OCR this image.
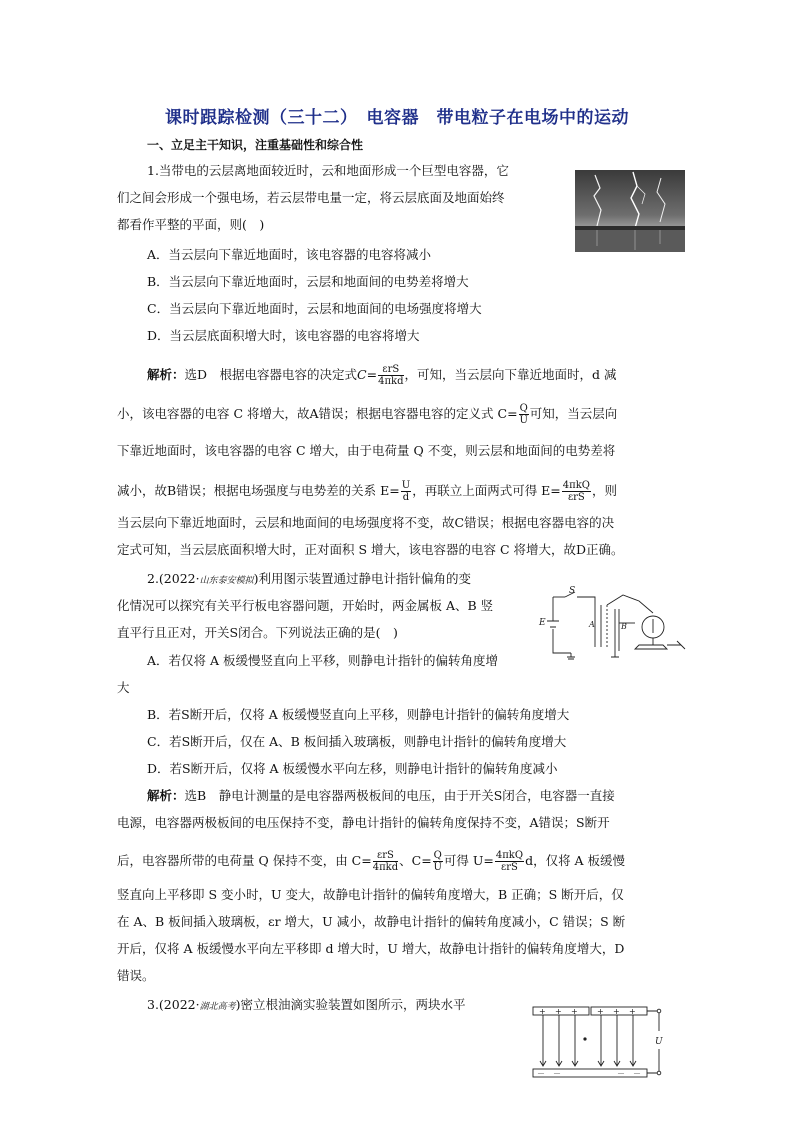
课时跟踪检测（三十二）　电容器　带电粒子在电场中的运动
一、立足主干知识，注重基础性和综合性
1.当带电的云层离地面较近时，云和地面形成一个巨型电容器，它
们之间会形成一个强电场，若云层带电量一定，将云层底面及地面始终
都看作平整的平面，则(　)
A．当云层向下靠近地面时，该电容器的电容将减小
B．当云层向下靠近地面时，云层和地面间的电势差将增大
C．当云层向下靠近地面时，云层和地面间的电场强度将增大
D．当云层底面积增大时，该电容器的电容将增大
解析：选D　根据电容器电容的决定式$C= \frac{\text{εrS}}{\text{4πkd}}$ ，可知，当云层向下靠近地面时，d 减
小，该电容器的电容 C 将增大，故A错误；根据电容器电容的定义式 $C= \frac{Q}{U}$ 可知，当云层向
下靠近地面时，该电容器的电容 C 增大，由于电荷量 Q 不变，则云层和地面间的电势差将
减小，故B错误；根据电场强度与电势差的关系 $E= \frac{U}{d}$ ，再联立上面两式可得 $E= \frac{\text{4πkQ}}{\text{εrS}}$ ，则
当云层向下靠近地面时，云层和地面间的电场强度将不变，故C错误；根据电容器电容的决
定式可知，当云层底面积增大时，正对面积 S 增大，该电容器的电容 C 将增大，故D正确。
2.(2022·山东泰安模拟)利用图示装置通过静电计指针偏角的变
化情况可以探究有关平行板电容器问题，开始时，两金属板 A、B 竖
直平行且正对，开关S闭合。下列说法正确的是(　)
S
E	A	B
A．若仅将 A 板缓慢竖直向上平移，则静电计指针的偏转角度增
大
B．若S断开后，仅将 A 板缓慢竖直向上平移，则静电计指针的偏转角度增大
C．若S断开后，仅在 A、B 板间插入玻璃板，则静电计指针的偏转角度增大
D．若S断开后，仅将 A 板缓慢水平向左移，则静电计指针的偏转角度减小
解析：选B　静电计测量的是电容器两极板间的电压，由于开关S闭合，电容器一直接
电源，电容器两极板间的电压保持不变，静电计指针的偏转角度保持不变，A错误；S断开
后，电容器所带的电荷量 Q 保持不变，由 $C= \frac{\text{εrS}}{\text{4πkd}}$ 、$C= \frac{Q}{U}$ 可得 $U= \frac{\text{4πkQ}}{\text{εrS}}$ d，仅将 A 板缓慢
竖直向上平移即 S 变小时，U 变大，故静电计指针的偏转角度增大，B 正确；S 断开后，仅
在 A、B 板间插入玻璃板，εr 增大，U 减小，故静电计指针的偏转角度减小，C 错误；S 断
开后，仅将 A 板缓慢水平向左平移即 d 增大时，U 增大，故静电计指针的偏转角度增大，D
错误。
3.(2022·湖北高考)密立根油滴实验装置如图所示，两块水平	+ + + + + +
－ －	－ －
U
